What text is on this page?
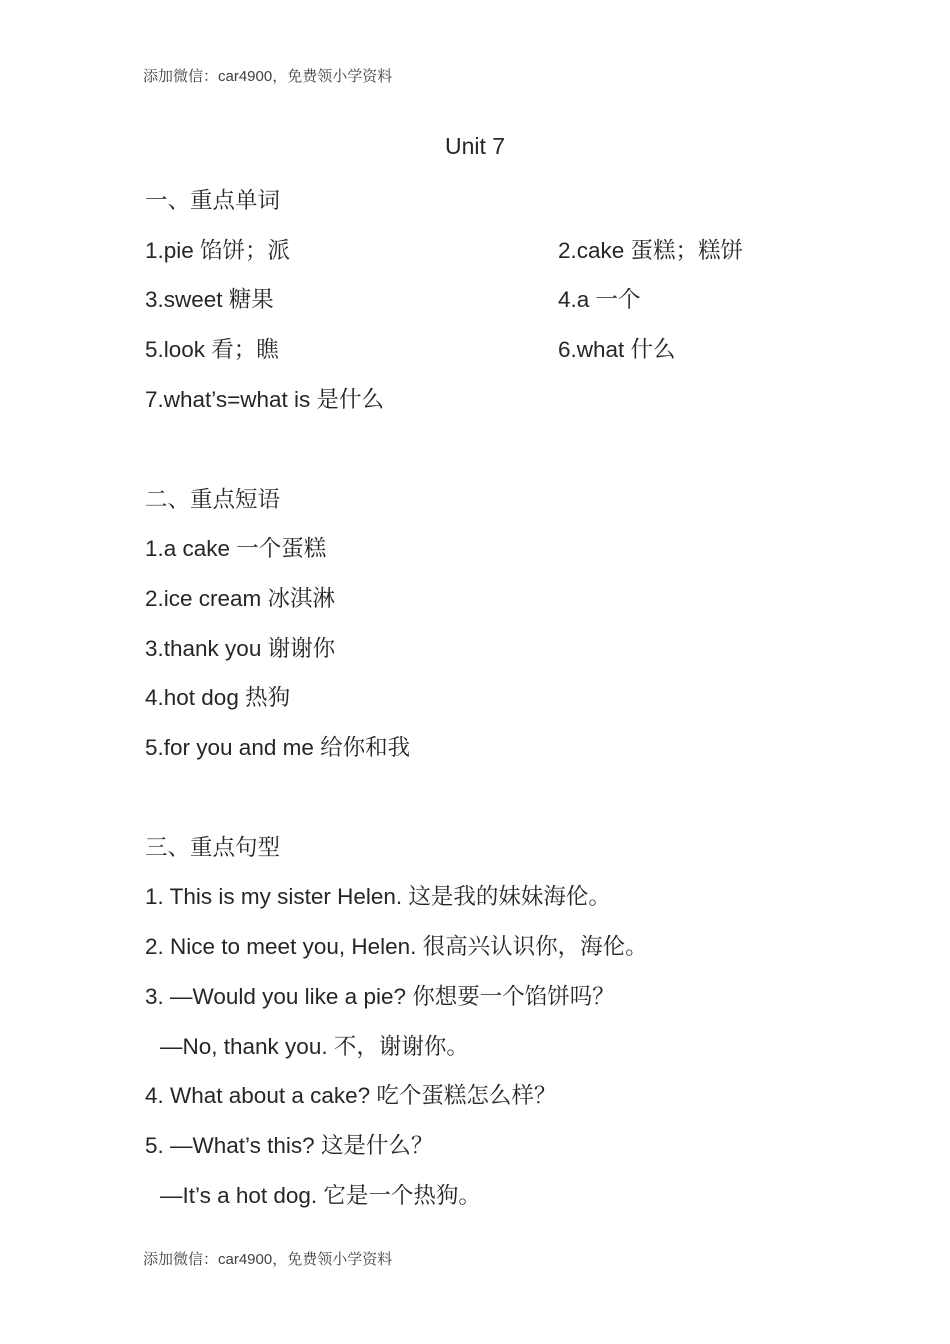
添加微信：car4900，免费领小学资料
Unit 7
一、重点单词
1.pie 馅饼；派	2.cake 蛋糕；糕饼
3.sweet 糖果	4.a 一个
5.look 看；瞧	6.what 什么
7.what’s=what is 是什么
二、重点短语
1.a cake 一个蛋糕
2.ice cream 冰淇淋
3.thank you 谢谢你
4.hot dog 热狗
5.for you and me 给你和我
三、重点句型
1. This is my sister Helen. 这是我的妹妹海伦。
2. Nice to meet you, Helen. 很高兴认识你，海伦。
3. —Would you like a pie? 你想要一个馅饼吗？
—No, thank you. 不，谢谢你。
4. What about a cake? 吃个蛋糕怎么样？
5. —What’s this? 这是什么？
—It’s a hot dog. 它是一个热狗。
添加微信：car4900，免费领小学资料
